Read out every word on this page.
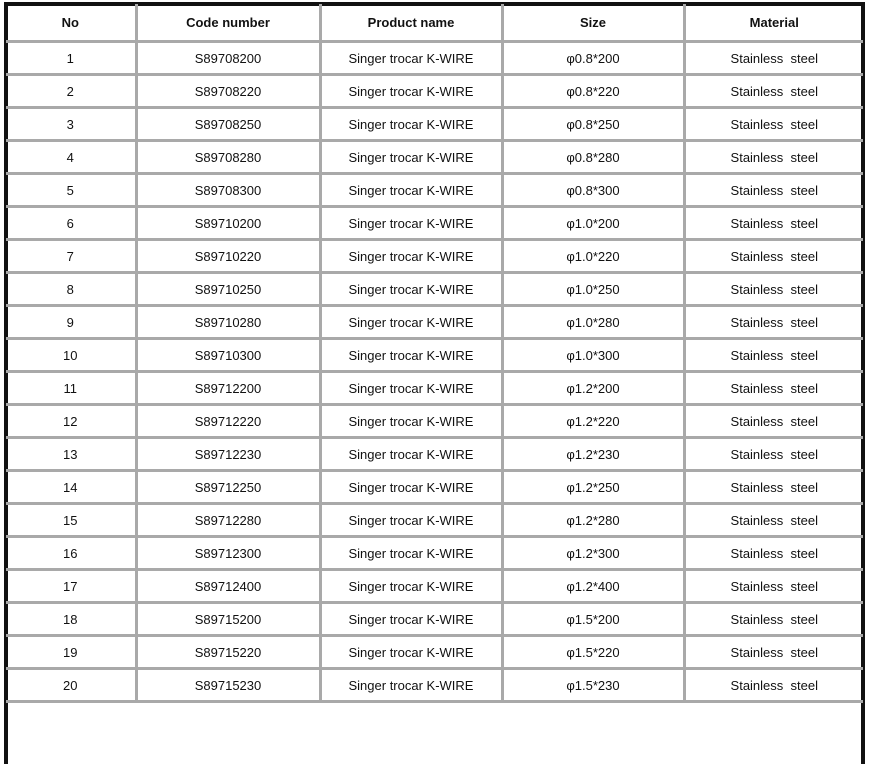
No	Code number	Product name	Size	Material
1	S89708200	Singer trocar K-WIRE	φ0.8*200	Stainless  steel
2	S89708220	Singer trocar K-WIRE	φ0.8*220	Stainless  steel
3	S89708250	Singer trocar K-WIRE	φ0.8*250	Stainless  steel
4	S89708280	Singer trocar K-WIRE	φ0.8*280	Stainless  steel
5	S89708300	Singer trocar K-WIRE	φ0.8*300	Stainless  steel
6	S89710200	Singer trocar K-WIRE	φ1.0*200	Stainless  steel
7	S89710220	Singer trocar K-WIRE	φ1.0*220	Stainless  steel
8	S89710250	Singer trocar K-WIRE	φ1.0*250	Stainless  steel
9	S89710280	Singer trocar K-WIRE	φ1.0*280	Stainless  steel
10	S89710300	Singer trocar K-WIRE	φ1.0*300	Stainless  steel
11	S89712200	Singer trocar K-WIRE	φ1.2*200	Stainless  steel
12	S89712220	Singer trocar K-WIRE	φ1.2*220	Stainless  steel
13	S89712230	Singer trocar K-WIRE	φ1.2*230	Stainless  steel
14	S89712250	Singer trocar K-WIRE	φ1.2*250	Stainless  steel
15	S89712280	Singer trocar K-WIRE	φ1.2*280	Stainless  steel
16	S89712300	Singer trocar K-WIRE	φ1.2*300	Stainless  steel
17	S89712400	Singer trocar K-WIRE	φ1.2*400	Stainless  steel
18	S89715200	Singer trocar K-WIRE	φ1.5*200	Stainless  steel
19	S89715220	Singer trocar K-WIRE	φ1.5*220	Stainless  steel
20	S89715230	Singer trocar K-WIRE	φ1.5*230	Stainless  steel
